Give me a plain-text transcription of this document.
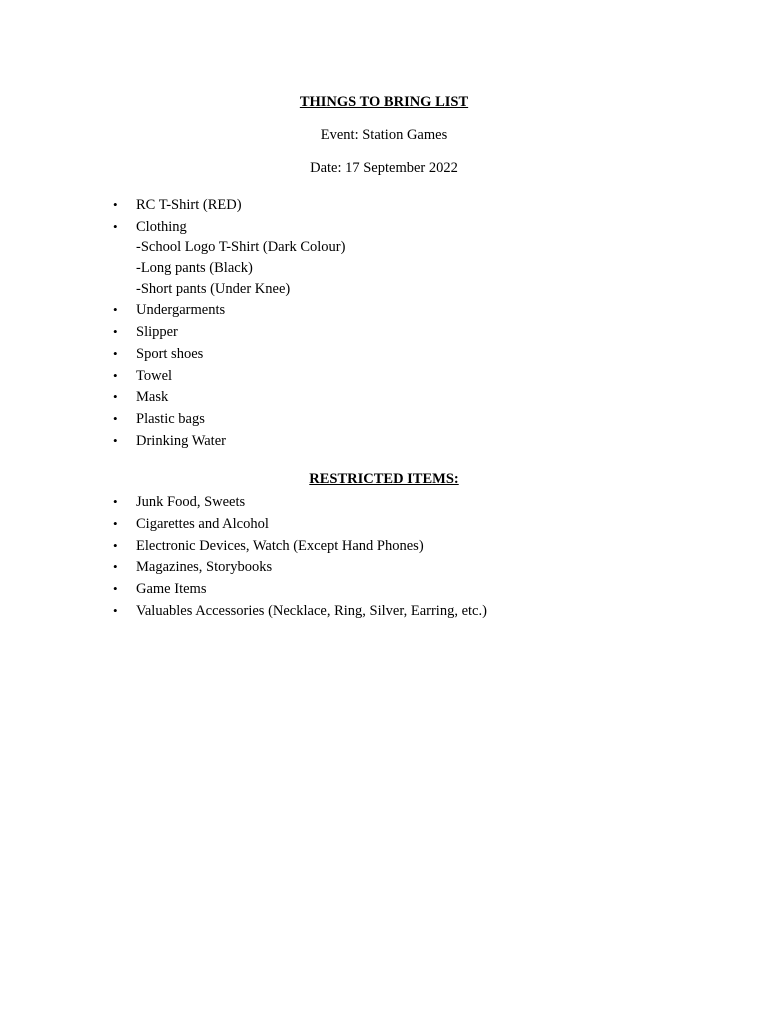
THINGS TO BRING LIST
Event: Station Games
Date: 17 September 2022
• RC T-Shirt (RED)
• Clothing
-School Logo T-Shirt (Dark Colour)
-Long pants (Black)
-Short pants (Under Knee)
• Undergarments
• Slipper
• Sport shoes
• Towel
• Mask
• Plastic bags
• Drinking Water
RESTRICTED ITEMS:
• Junk Food, Sweets
• Cigarettes and Alcohol
• Electronic Devices, Watch (Except Hand Phones)
• Magazines, Storybooks
• Game Items
• Valuables Accessories (Necklace, Ring, Silver, Earring, etc.)
